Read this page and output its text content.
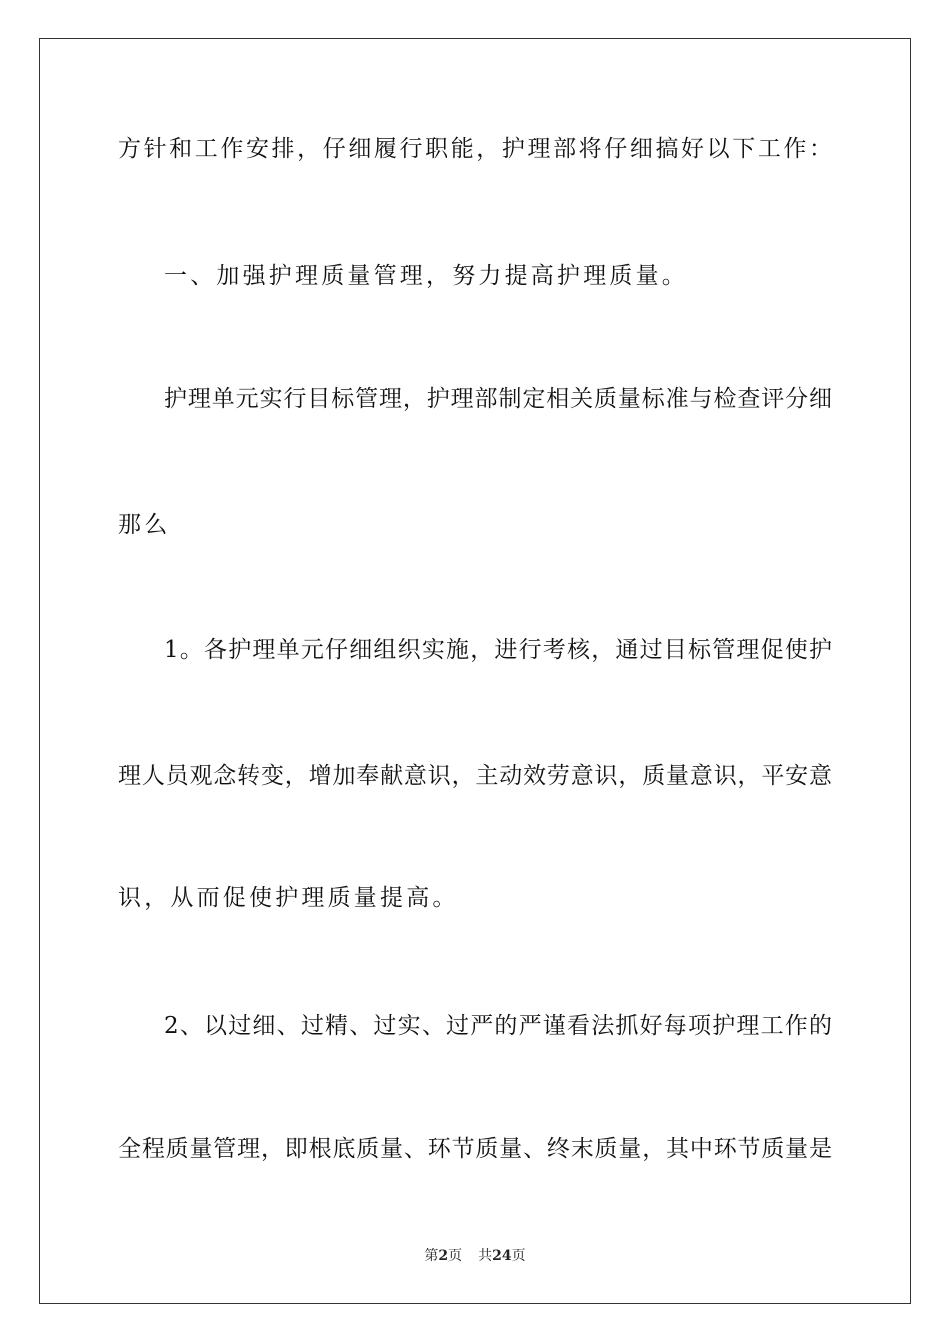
方针和工作安排，仔细履行职能，护理部将仔细搞好以下工作：
一、加强护理质量管理，努力提高护理质量。
护理单元实行目标管理，护理部制定相关质量标准与检查评分细
那么
1。各护理单元仔细组织实施，进行考核，通过目标管理促使护
理人员观念转变，增加奉献意识，主动效劳意识，质量意识，平安意
识，从而促使护理质量提高。
2、以过细、过精、过实、过严的严谨看法抓好每项护理工作的
全程质量管理，即根底质量、环节质量、终末质量，其中环节质量是
第2页 共24页
